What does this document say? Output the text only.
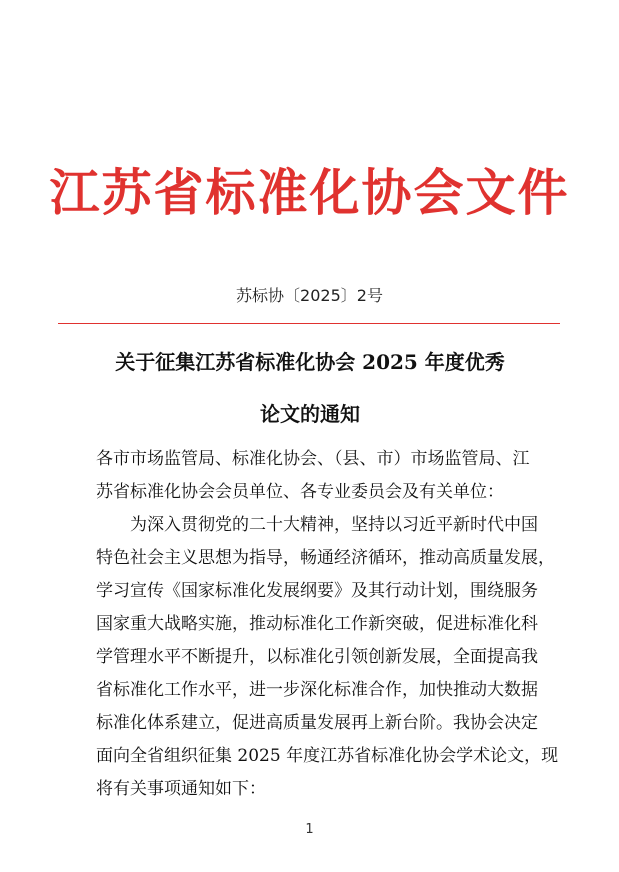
江苏省标准化协会文件
苏标协〔2025〕2号
关于征集江苏省标准化协会 2025 年度优秀
论文的通知
各市市场监管局、标准化协会、（县、市）市场监管局、江
苏省标准化协会会员单位、各专业委员会及有关单位：
　　为深入贯彻党的二十大精神，坚持以习近平新时代中国
特色社会主义思想为指导，畅通经济循环，推动高质量发展，
学习宣传《国家标准化发展纲要》及其行动计划，围绕服务
国家重大战略实施，推动标准化工作新突破，促进标准化科
学管理水平不断提升，以标准化引领创新发展，全面提高我
省标准化工作水平，进一步深化标准合作，加快推动大数据
标准化体系建立，促进高质量发展再上新台阶。我协会决定
面向全省组织征集 2025 年度江苏省标准化协会学术论文，现
将有关事项通知如下：
1
